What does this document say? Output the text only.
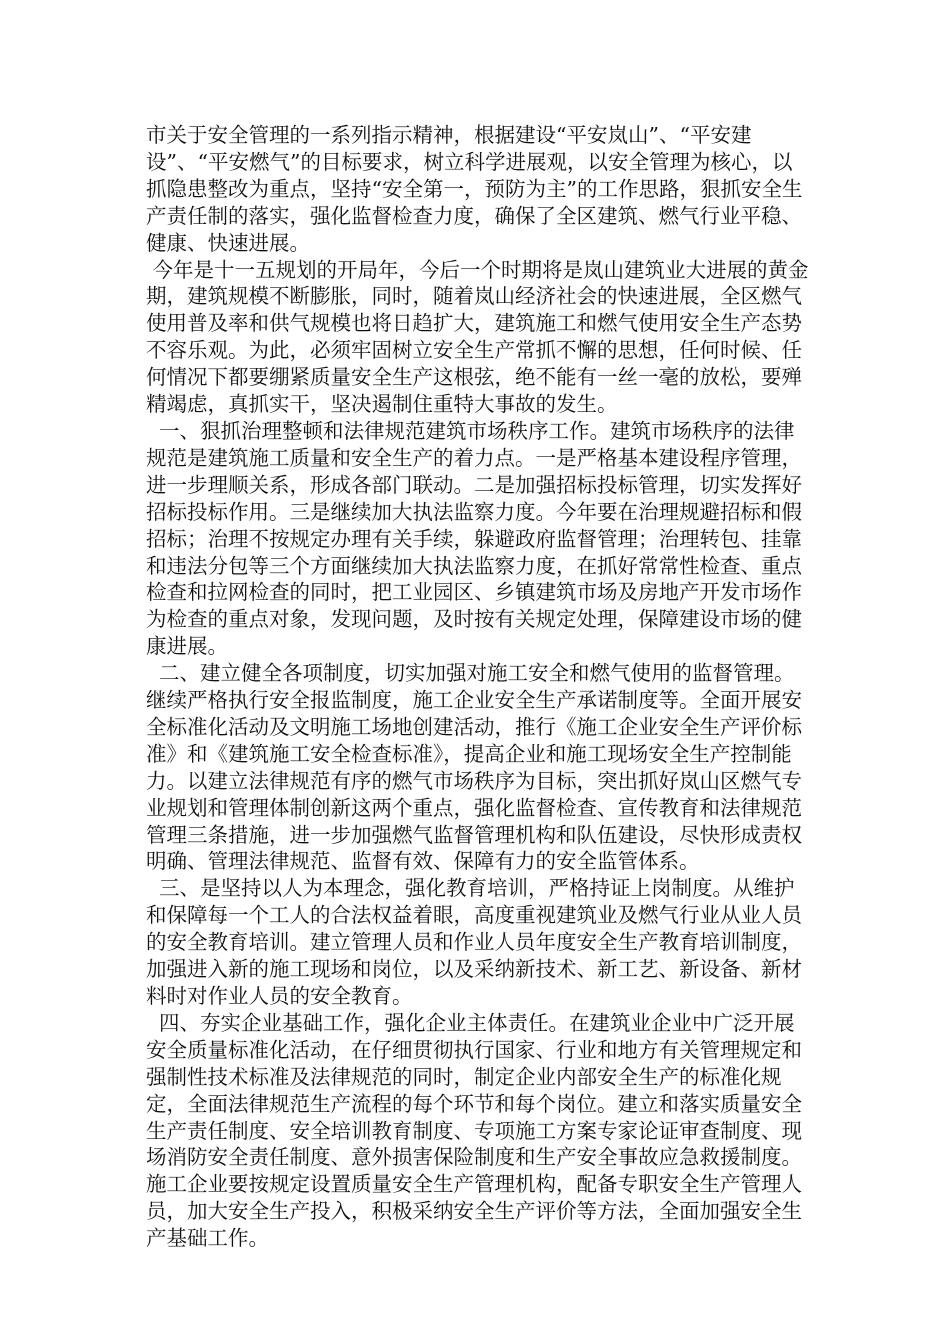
市关于安全管理的一系列指示精神，根据建设“平安岚山”、“平安建设”、“平安燃气”的目标要求，树立科学进展观，以安全管理为核心，以抓隐患整改为重点，坚持“安全第一，预防为主”的工作思路，狠抓安全生产责任制的落实，强化监督检查力度，确保了全区建筑、燃气行业平稳、健康、快速进展。

今年是十一五规划的开局年，今后一个时期将是岚山建筑业大进展的黄金期，建筑规模不断膨胀，同时，随着岚山经济社会的快速进展，全区燃气使用普及率和供气规模也将日趋扩大，建筑施工和燃气使用安全生产态势不容乐观。为此，必须牢固树立安全生产常抓不懈的思想，任何时候、任何情况下都要绷紧质量安全生产这根弦，绝不能有一丝一毫的放松，要殚精竭虑，真抓实干，坚决遏制住重特大事故的发生。

一、狠抓治理整顿和法律规范建筑市场秩序工作。建筑市场秩序的法律规范是建筑施工质量和安全生产的着力点。一是严格基本建设程序管理，进一步理顺关系，形成各部门联动。二是加强招标投标管理，切实发挥好招标投标作用。三是继续加大执法监察力度。今年要在治理规避招标和假招标；治理不按规定办理有关手续，躲避政府监督管理；治理转包、挂靠和违法分包等三个方面继续加大执法监察力度，在抓好常常性检查、重点检查和拉网检查的同时，把工业园区、乡镇建筑市场及房地产开发市场作为检查的重点对象，发现问题，及时按有关规定处理，保障建设市场的健康进展。

二、建立健全各项制度，切实加强对施工安全和燃气使用的监督管理。继续严格执行安全报监制度，施工企业安全生产承诺制度等。全面开展安全标准化活动及文明施工场地创建活动，推行《施工企业安全生产评价标准》和《建筑施工安全检查标准》，提高企业和施工现场安全生产控制能力。以建立法律规范有序的燃气市场秩序为目标，突出抓好岚山区燃气专业规划和管理体制创新这两个重点，强化监督检查、宣传教育和法律规范管理三条措施，进一步加强燃气监督管理机构和队伍建设，尽快形成责权明确、管理法律规范、监督有效、保障有力的安全监管体系。

三、是坚持以人为本理念，强化教育培训，严格持证上岗制度。从维护和保障每一个工人的合法权益着眼，高度重视建筑业及燃气行业从业人员的安全教育培训。建立管理人员和作业人员年度安全生产教育培训制度，加强进入新的施工现场和岗位，以及采纳新技术、新工艺、新设备、新材料时对作业人员的安全教育。

四、夯实企业基础工作，强化企业主体责任。在建筑业企业中广泛开展安全质量标准化活动，在仔细贯彻执行国家、行业和地方有关管理规定和强制性技术标准及法律规范的同时，制定企业内部安全生产的标准化规定，全面法律规范生产流程的每个环节和每个岗位。建立和落实质量安全生产责任制度、安全培训教育制度、专项施工方案专家论证审查制度、现场消防安全责任制度、意外损害保险制度和生产安全事故应急救援制度。施工企业要按规定设置质量安全生产管理机构，配备专职安全生产管理人员，加大安全生产投入，积极采纳安全生产评价等方法，全面加强安全生产基础工作。
